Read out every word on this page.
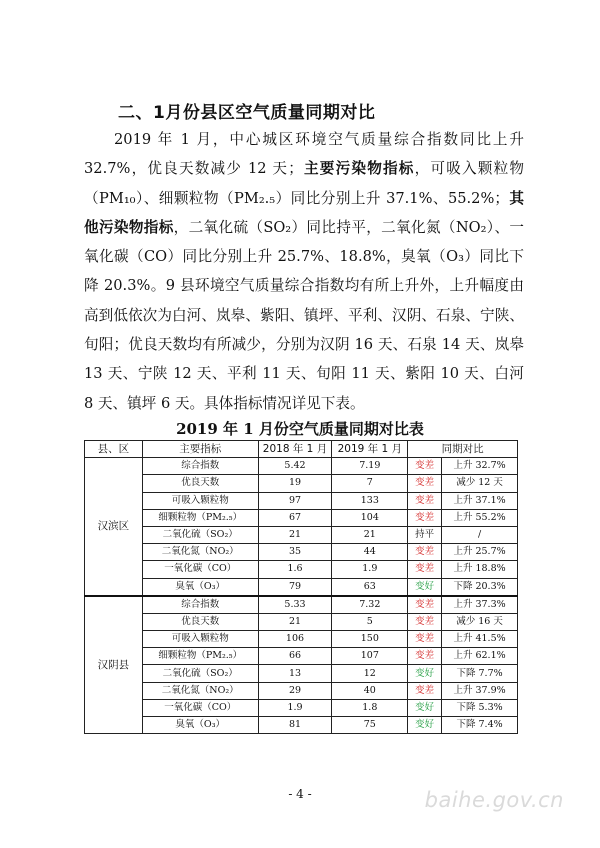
二、1月份县区空气质量同期对比

2019 年 1 月，中心城区环境空气质量综合指数同比上升 32.7%，优良天数减少 12 天；主要污染物指标，可吸入颗粒物（PM₁₀）、细颗粒物（PM₂.₅）同比分别上升 37.1%、55.2%；其他污染物指标，二氧化硫（SO₂）同比持平，二氧化氮（NO₂）、一氧化碳（CO）同比分别上升 25.7%、18.8%，臭氧（O₃）同比下降 20.3%。9 县环境空气质量综合指数均有所上升外，上升幅度由高到低依次为白河、岚皋、紫阳、镇坪、平利、汉阴、石泉、宁陕、旬阳；优良天数均有所减少，分别为汉阴 16 天、石泉 14 天、岚皋 13 天、宁陕 12 天、平利 11 天、旬阳 11 天、紫阳 10 天、白河 8 天、镇坪 6 天。具体指标情况详见下表。

2019 年 1 月份空气质量同期对比表
县、区	主要指标	2018 年 1 月	2019 年 1 月	同期对比	
汉滨区	综合指数	5.42	7.19	变差	上升 32.7%
	优良天数	19	7	变差	减少 12 天
	可吸入颗粒物	97	133	变差	上升 37.1%
	细颗粒物（PM₂.₅）	67	104	变差	上升 55.2%
	二氧化硫（SO₂）	21	21	持平	/
	二氧化氮（NO₂）	35	44	变差	上升 25.7%
	一氧化碳（CO）	1.6	1.9	变差	上升 18.8%
	臭氧（O₃）	79	63	变好	下降 20.3%
汉阴县	综合指数	5.33	7.32	变差	上升 37.3%
	优良天数	21	5	变差	减少 16 天
	可吸入颗粒物	106	150	变差	上升 41.5%
	细颗粒物（PM₂.₅）	66	107	变差	上升 62.1%
	二氧化硫（SO₂）	13	12	变好	下降 7.7%
	二氧化氮（NO₂）	29	40	变差	上升 37.9%
	一氧化碳（CO）	1.9	1.8	变好	下降 5.3%
	臭氧（O₃）	81	75	变好	下降 7.4%
- 4 -	baihe.gov.cn
